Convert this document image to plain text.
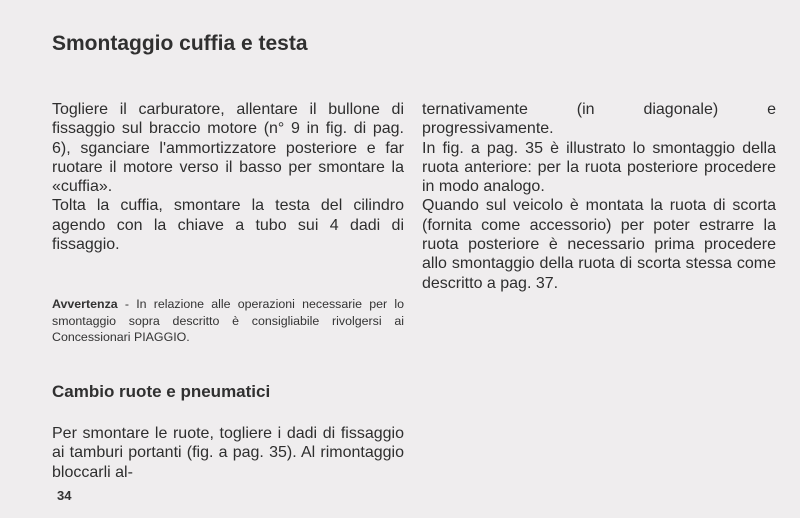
Smontaggio cuffia e testa

Togliere il carburatore, allentare il bullone di fissaggio sul braccio motore (n° 9 in fig. di pag. 6), sganciare l'ammortizzatore posteriore e far ruotare il motore verso il basso per smontare la «cuffia».

Tolta la cuffia, smontare la testa del cilindro agendo con la chiave a tubo sui 4 dadi di fissaggio.

Avvertenza - In relazione alle operazioni necessarie per lo smontaggio sopra descritto è consigliabile rivolgersi ai Concessionari PIAGGIO.

Cambio ruote e pneumatici

Per smontare le ruote, togliere i dadi di fissaggio ai tamburi portanti (fig. a pag. 35). Al rimontaggio bloccarli al-

ternativamente (in diagonale) e progressivamente.

In fig. a pag. 35 è illustrato lo smontaggio della ruota anteriore: per la ruota posteriore procedere in modo analogo.

Quando sul veicolo è montata la ruota di scorta (fornita come accessorio) per poter estrarre la ruota posteriore è necessario prima procedere allo smontaggio della ruota di scorta stessa come descritto a pag. 37.

34
